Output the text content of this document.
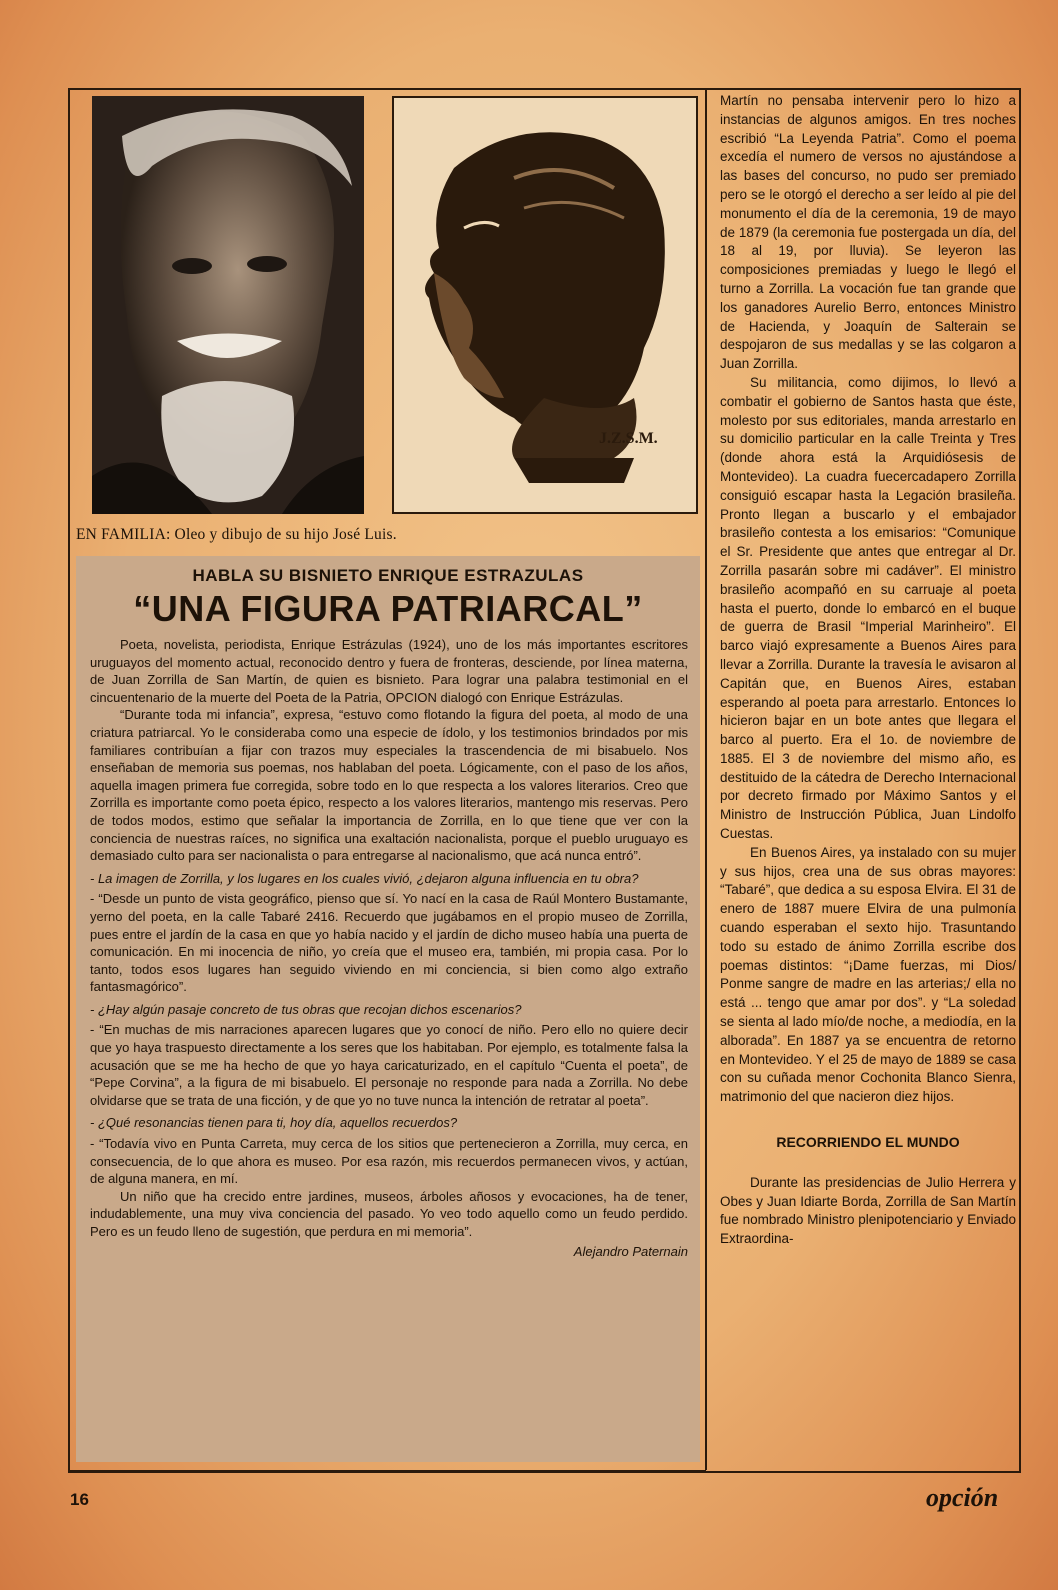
J.Z.S.M.
EN FAMILIA: Oleo y dibujo de su hijo José Luis.
HABLA SU BISNIETO ENRIQUE ESTRAZULAS
“UNA FIGURA PATRIARCAL”

Poeta, novelista, periodista, Enrique Estrázulas (1924), uno de los más importantes escritores uruguayos del momento actual, reconocido dentro y fuera de fronteras, desciende, por línea materna, de Juan Zorrilla de San Martín, de quien es bisnieto. Para lograr una palabra testimonial en el cincuentenario de la muerte del Poeta de la Patria, OPCION dialogó con Enrique Estrázulas.

“Durante toda mi infancia”, expresa, “estuvo como flotando la figura del poeta, al modo de una criatura patriarcal. Yo le consideraba como una especie de ídolo, y los testimonios brindados por mis familiares contribuían a fijar con trazos muy especiales la trascendencia de mi bisabuelo. Nos enseñaban de memoria sus poemas, nos hablaban del poeta. Lógicamente, con el paso de los años, aquella imagen primera fue corregida, sobre todo en lo que respecta a los valores literarios. Creo que Zorrilla es importante como poeta épico, respecto a los valores literarios, mantengo mis reservas. Pero de todos modos, estimo que señalar la importancia de Zorrilla, en lo que tiene que ver con la conciencia de nuestras raíces, no significa una exaltación nacionalista, porque el pueblo uruguayo es demasiado culto para ser nacionalista o para entregarse al nacionalismo, que acá nunca entró”.

- La imagen de Zorrilla, y los lugares en los cuales vivió, ¿dejaron alguna influencia en tu obra?

- “Desde un punto de vista geográfico, pienso que sí. Yo nací en la casa de Raúl Montero Bustamante, yerno del poeta, en la calle Tabaré 2416. Recuerdo que jugábamos en el propio museo de Zorrilla, pues entre el jardín de la casa en que yo había nacido y el jardín de dicho museo había una puerta de comunicación. En mi inocencia de niño, yo creía que el museo era, también, mi propia casa. Por lo tanto, todos esos lugares han seguido viviendo en mi conciencia, si bien como algo extraño fantasmagórico”.

- ¿Hay algún pasaje concreto de tus obras que recojan dichos escenarios?

- “En muchas de mis narraciones aparecen lugares que yo conocí de niño. Pero ello no quiere decir que yo haya traspuesto directamente a los seres que los habitaban. Por ejemplo, es totalmente falsa la acusación que se me ha hecho de que yo haya caricaturizado, en el capítulo “Cuenta el poeta”, de “Pepe Corvina”, a la figura de mi bisabuelo. El personaje no responde para nada a Zorrilla. No debe olvidarse que se trata de una ficción, y de que yo no tuve nunca la intención de retratar al poeta”.

- ¿Qué resonancias tienen para ti, hoy día, aquellos recuerdos?

- “Todavía vivo en Punta Carreta, muy cerca de los sitios que pertenecieron a Zorrilla, muy cerca, en consecuencia, de lo que ahora es museo. Por esa razón, mis recuerdos permanecen vivos, y actúan, de alguna manera, en mí.

Un niño que ha crecido entre jardines, museos, árboles añosos y evocaciones, ha de tener, indudablemente, una muy viva conciencia del pasado. Yo veo todo aquello como un feudo perdido. Pero es un feudo lleno de sugestión, que perdura en mi memoria”.

Alejandro Paternain

Martín no pensaba intervenir pero lo hizo a instancias de algunos amigos. En tres noches escribió “La Leyenda Patria”. Como el poema excedía el numero de versos no ajustándose a las bases del concurso, no pudo ser premiado pero se le otorgó el derecho a ser leído al pie del monumento el día de la ceremonia, 19 de mayo de 1879 (la ceremonia fue postergada un día, del 18 al 19, por lluvia). Se leyeron las composiciones premiadas y luego le llegó el turno a Zorrilla. La vocación fue tan grande que los ganadores Aurelio Berro, entonces Ministro de Hacienda, y Joaquín de Salterain se despojaron de sus medallas y se las colgaron a Juan Zorrilla.

Su militancia, como dijimos, lo llevó a combatir el gobierno de Santos hasta que éste, molesto por sus editoriales, manda arrestarlo en su domicilio particular en la calle Treinta y Tres (donde ahora está la Arquidiósesis de Montevideo). La cuadra fuecercadapero Zorrilla consiguió escapar hasta la Legación brasileña. Pronto llegan a buscarlo y el embajador brasileño contesta a los emisarios: “Comunique el Sr. Presidente que antes que entregar al Dr. Zorrilla pasarán sobre mi cadáver”. El ministro brasileño acompañó en su carruaje al poeta hasta el puerto, donde lo embarcó en el buque de guerra de Brasil “Imperial Marinheiro”. El barco viajó expresamente a Buenos Aires para llevar a Zorrilla. Durante la travesía le avisaron al Capitán que, en Buenos Aires, estaban esperando al poeta para arrestarlo. Entonces lo hicieron bajar en un bote antes que llegara el barco al puerto. Era el 1o. de noviembre de 1885. El 3 de noviembre del mismo año, es destituido de la cátedra de Derecho Internacional por decreto firmado por Máximo Santos y el Ministro de Instrucción Pública, Juan Lindolfo Cuestas.

En Buenos Aires, ya instalado con su mujer y sus hijos, crea una de sus obras mayores: “Tabaré”, que dedica a su esposa Elvira. El 31 de enero de 1887 muere Elvira de una pulmonía cuando esperaban el sexto hijo. Trasuntando todo su estado de ánimo Zorrilla escribe dos poemas distintos: “¡Dame fuerzas, mi Dios/ Ponme sangre de madre en las arterias;/ ella no está ... tengo que amar por dos”. y “La soledad se sienta al lado mío/de noche, a mediodía, en la alborada”. En 1887 ya se encuentra de retorno en Montevideo. Y el 25 de mayo de 1889 se casa con su cuñada menor Cochonita Blanco Sienra, matrimonio del que nacieron diez hijos.

RECORRIENDO EL MUNDO

Durante las presidencias de Julio Herrera y Obes y Juan Idiarte Borda, Zorrilla de San Martín fue nombrado Ministro plenipotenciario y Enviado Extraordina-

16	opción
